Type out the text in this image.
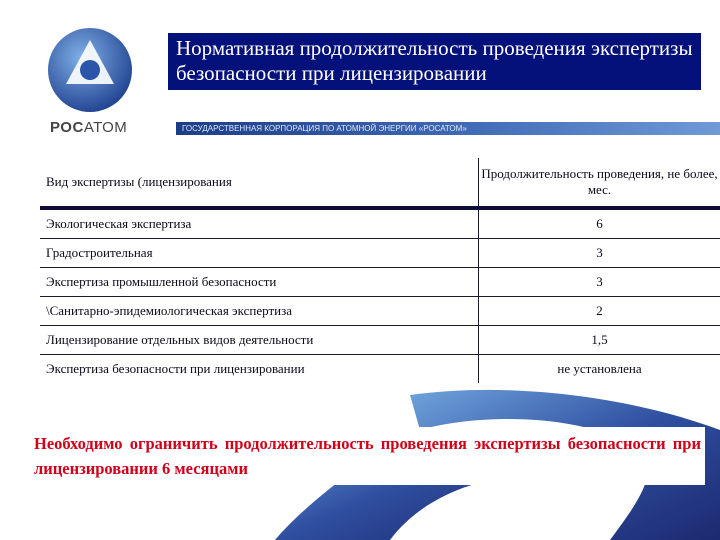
РОСАТОМ
Нормативная продолжительность проведения экспертизы безопасности при лицензировании
ГОСУДАРСТВЕННАЯ КОРПОРАЦИЯ ПО АТОМНОЙ ЭНЕРГИИ «РОСАТОМ»
Вид экспертизы (лицензирования	Продолжительность проведения, не более, мес.
Экологическая экспертиза	6
Градостроительная	3
Экспертиза промышленной безопасности	3
\Санитарно-эпидемиологическая экспертиза	2
Лицензирование отдельных видов деятельности	1,5
Экспертиза безопасности при лицензировании	не установлена
Необходимо ограничить продолжительность проведения экспертизы безопасности при лицензировании 6 месяцами
